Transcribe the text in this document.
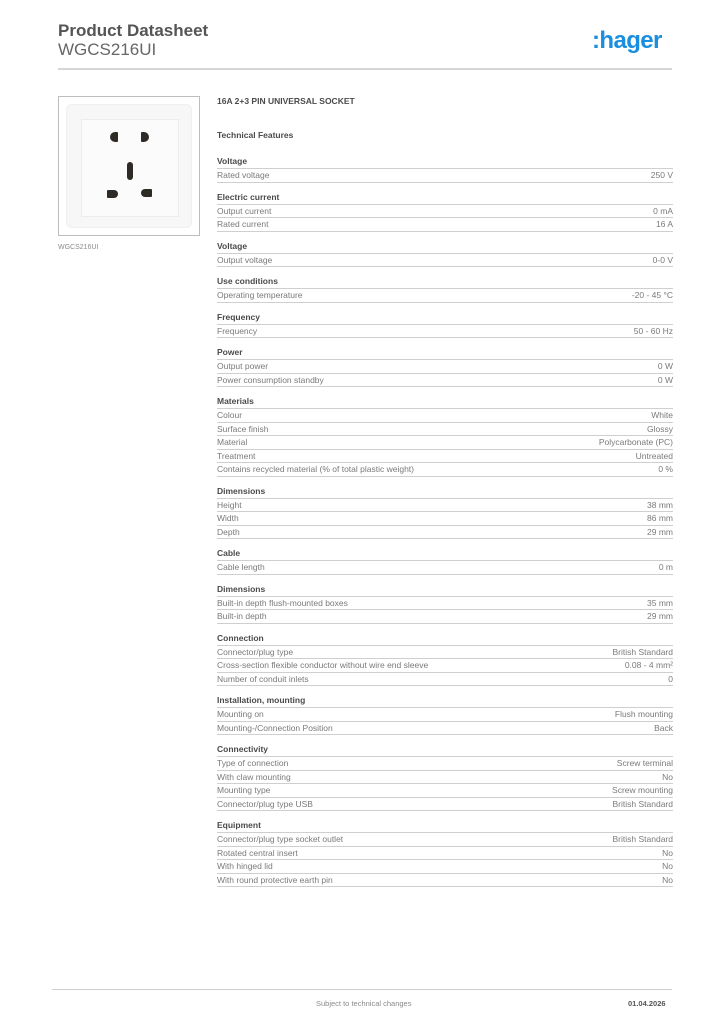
Product Datasheet
WGCS216UI	:hager
WGCS216UI
16A 2+3 PIN UNIVERSAL SOCKET
Technical Features
Voltage
Rated voltage	250 V
Electric current
Output current	0 mA
Rated current	16 A
Voltage
Output voltage	0-0 V
Use conditions
Operating temperature	-20 - 45 °C
Frequency
Frequency	50 - 60 Hz
Power
Output power	0 W
Power consumption standby	0 W
Materials
Colour	White
Surface finish	Glossy
Material	Polycarbonate (PC)
Treatment	Untreated
Contains recycled material (% of total plastic weight)	0 %
Dimensions
Height	38 mm
Width	86 mm
Depth	29 mm
Cable
Cable length	0 m
Dimensions
Built-in depth flush-mounted boxes	35 mm
Built-in depth	29 mm
Connection
Connector/plug type	British Standard
Cross-section flexible conductor without wire end sleeve	0.08 - 4 mm²
Number of conduit inlets	0
Installation, mounting
Mounting on	Flush mounting
Mounting-/Connection Position	Back
Connectivity
Type of connection	Screw terminal
With claw mounting	No
Mounting type	Screw mounting
Connector/plug type USB	British Standard
Equipment
Connector/plug type socket outlet	British Standard
Rotated central insert	No
With hinged lid	No
With round protective earth pin	No
Subject to technical changes	01.04.2026
